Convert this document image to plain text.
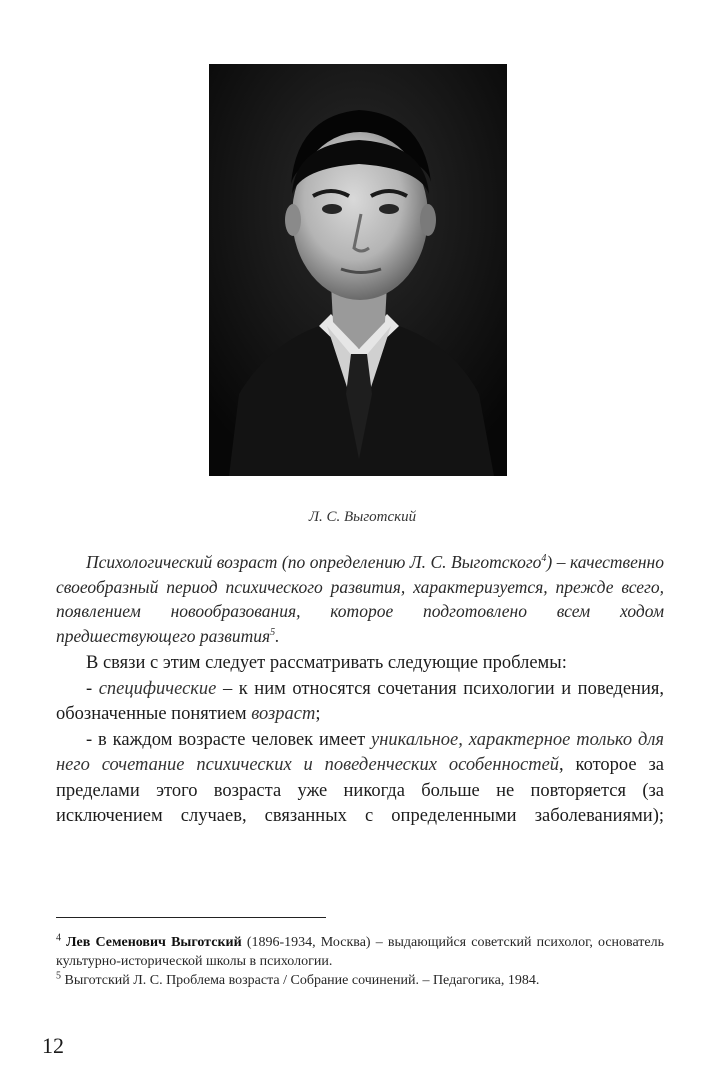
Л. С. Выготский

Психологический возраст (по определению Л. С. Выготского$^4$) – качественно своеобразный период психического развития, характеризуется, прежде всего, появлением новообразования, которое подготовлено всем ходом предшествующего развития$^5$.

В связи с этим следует рассматривать следующие проблемы:

- специфические – к ним относятся сочетания психологии и поведения, обозначенные понятием возраст;

- в каждом возрасте человек имеет уникальное, характерное только для него сочетание психических и поведенческих особенностей, которое за пределами этого возраста уже никогда больше не повторяется (за исключением случаев, связанных с определенными заболеваниями);

$^4$ Лев Семенович Выготский (1896-1934, Москва) – выдающийся советский психолог, основатель культурно-исторической школы в психологии.

$^5$ Выготский Л. С. Проблема возраста / Собрание сочинений. – Педагогика, 1984.

12
